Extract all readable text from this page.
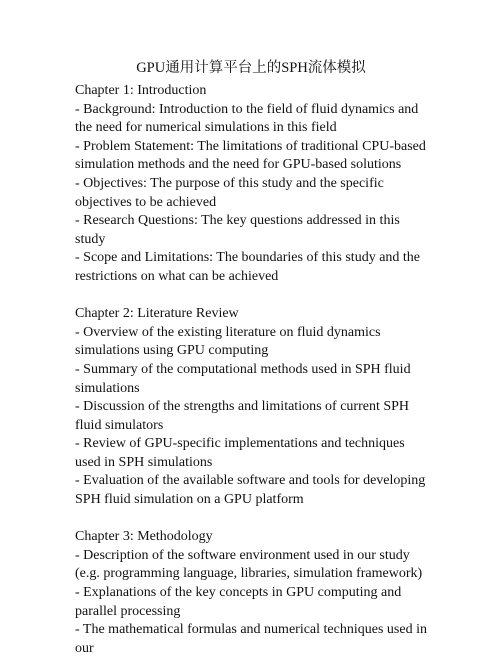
GPU通用计算平台上的SPH流体模拟
Chapter 1: Introduction
- Background: Introduction to the field of fluid dynamics and the need for numerical simulations in this field
- Problem Statement: The limitations of traditional CPU-based simulation methods and the need for GPU-based solutions
- Objectives: The purpose of this study and the specific objectives to be achieved
- Research Questions: The key questions addressed in this study
- Scope and Limitations: The boundaries of this study and the restrictions on what can be achieved
Chapter 2: Literature Review
- Overview of the existing literature on fluid dynamics simulations using GPU computing
- Summary of the computational methods used in SPH fluid simulations
- Discussion of the strengths and limitations of current SPH fluid simulators
- Review of GPU-specific implementations and techniques used in SPH simulations
- Evaluation of the available software and tools for developing SPH fluid simulation on a GPU platform
Chapter 3: Methodology
- Description of the software environment used in our study (e.g. programming language, libraries, simulation framework)
- Explanations of the key concepts in GPU computing and parallel processing
- The mathematical formulas and numerical techniques used in our
